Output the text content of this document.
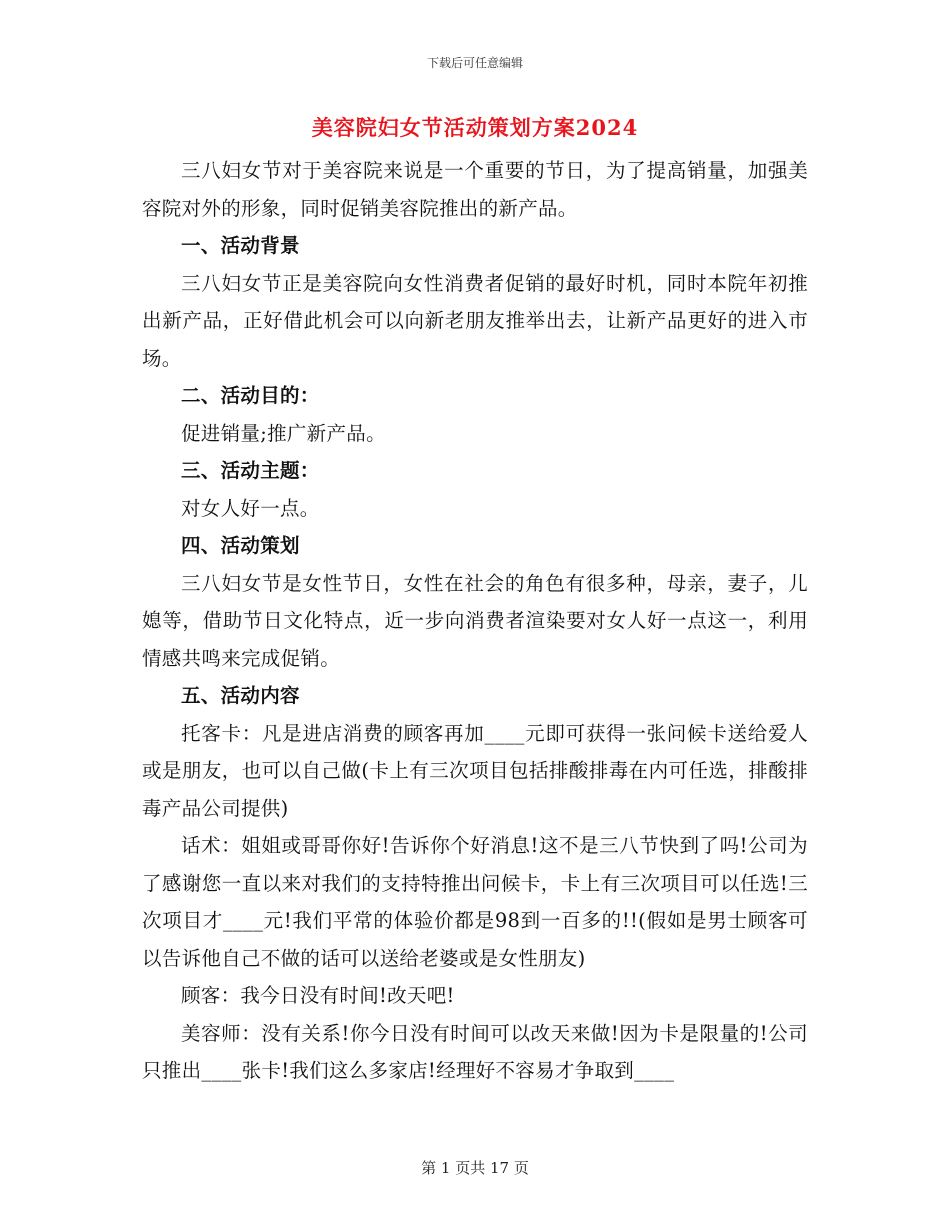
下载后可任意编辑
美容院妇女节活动策划方案2024

三八妇女节对于美容院来说是一个重要的节日，为了提高销量，加强美容院对外的形象，同时促销美容院推出的新产品。

一、活动背景

三八妇女节正是美容院向女性消费者促销的最好时机，同时本院年初推出新产品，正好借此机会可以向新老朋友推举出去，让新产品更好的进入市场。

二、活动目的：

促进销量;推广新产品。

三、活动主题：

对女人好一点。

四、活动策划

三八妇女节是女性节日，女性在社会的角色有很多种，母亲，妻子，儿媳等，借助节日文化特点，近一步向消费者渲染要对女人好一点这一，利用情感共鸣来完成促销。

五、活动内容

托客卡：凡是进店消费的顾客再加____元即可获得一张问候卡送给爱人或是朋友，也可以自己做(卡上有三次项目包括排酸排毒在内可任选，排酸排毒产品公司提供)

话术：姐姐或哥哥你好!告诉你个好消息!这不是三八节快到了吗!公司为了感谢您一直以来对我们的支持特推出问候卡，卡上有三次项目可以任选!三次项目才____元!我们平常的体验价都是98到一百多的!!(假如是男士顾客可以告诉他自己不做的话可以送给老婆或是女性朋友)

顾客：我今日没有时间!改天吧!

美容师：没有关系!你今日没有时间可以改天来做!因为卡是限量的!公司只推出____张卡!我们这么多家店!经理好不容易才争取到____

第 1 页共 17 页
